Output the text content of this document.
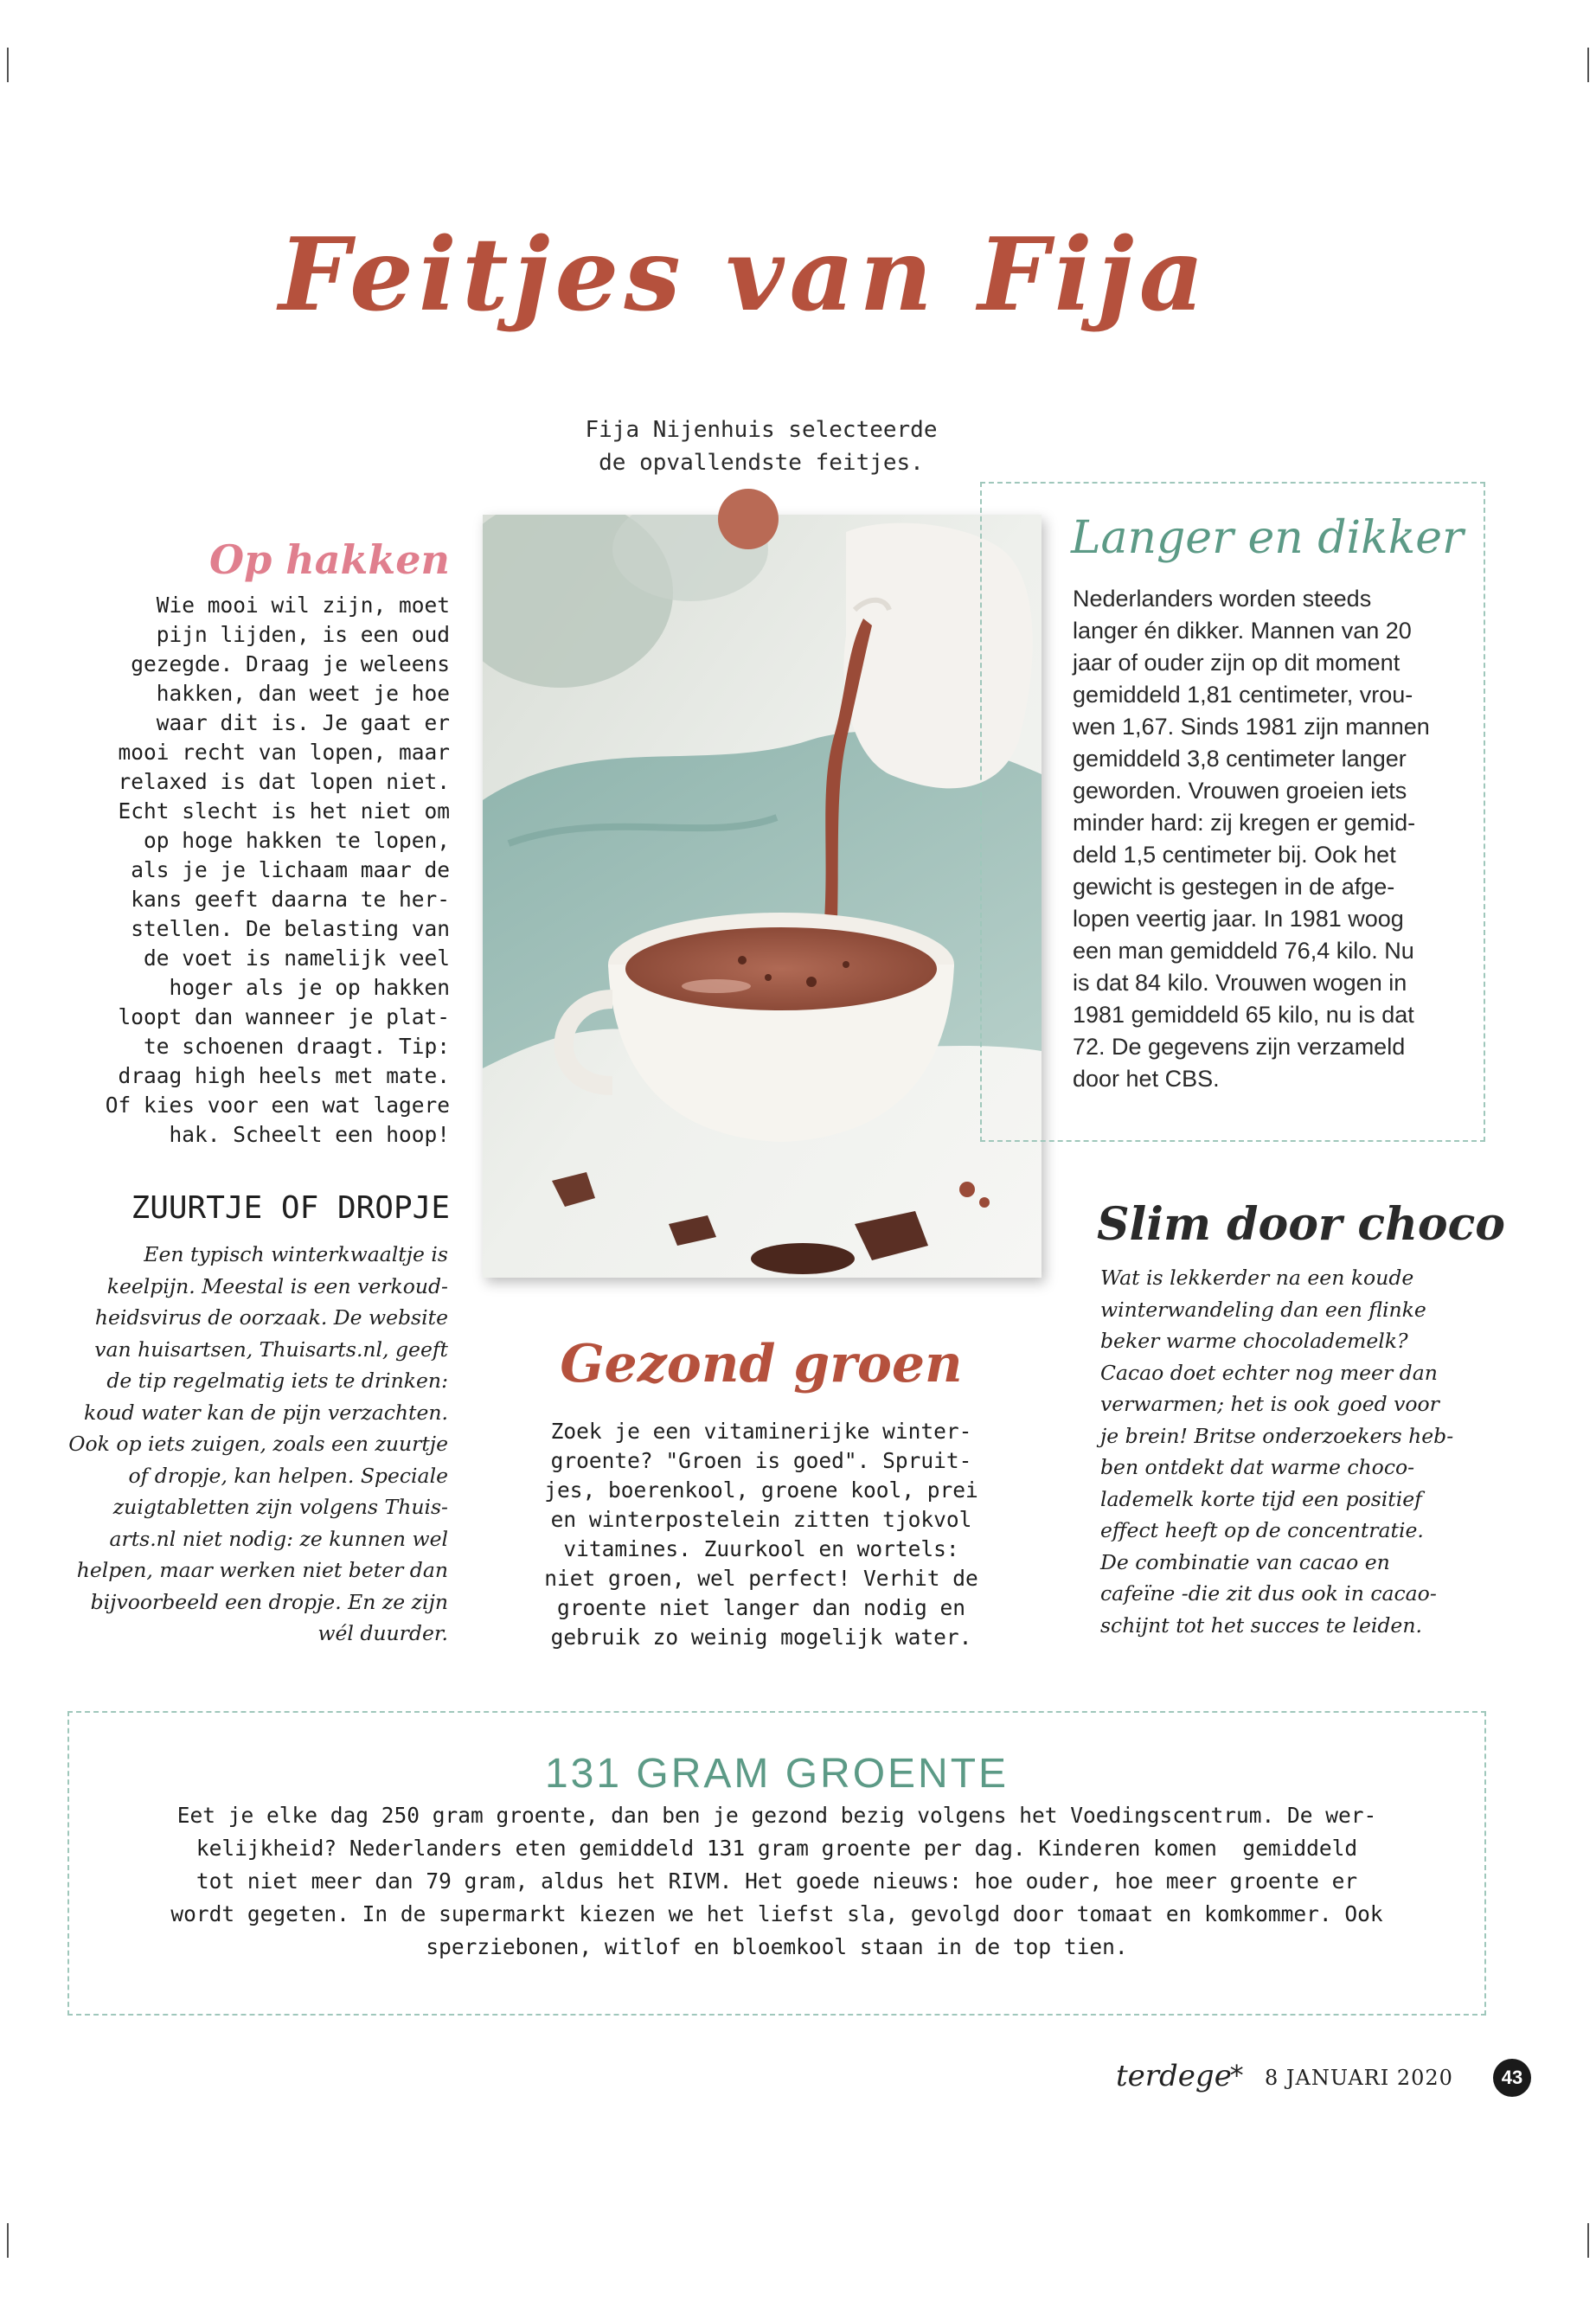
Feitjes van Fija
Fija Nijenhuis selecteerde
de opvallendste feitjes.
Op hakken
Wie mooi wil zijn, moet
pijn lijden, is een oud
gezegde. Draag je weleens
hakken, dan weet je hoe
waar dit is. Je gaat er
mooi recht van lopen, maar
relaxed is dat lopen niet.
Echt slecht is het niet om
op hoge hakken te lopen,
als je je lichaam maar de
kans geeft daarna te her-
stellen. De belasting van
de voet is namelijk veel
hoger als je op hakken
loopt dan wanneer je plat-
te schoenen draagt. Tip:
draag high heels met mate.
Of kies voor een wat lagere
hak. Scheelt een hoop!
ZUURTJE OF DROPJE
Een typisch winterkwaaltje is
keelpijn. Meestal is een verkoud-
heidsvirus de oorzaak. De website
van huisartsen, Thuisarts.nl, geeft
de tip regelmatig iets te drinken:
koud water kan de pijn verzachten.
Ook op iets zuigen, zoals een zuurtje
of dropje, kan helpen. Speciale
zuigtabletten zijn volgens Thuis-
arts.nl niet nodig: ze kunnen wel
helpen, maar werken niet beter dan
bijvoorbeeld een dropje. En ze zijn
wél duurder.
Langer en dikker
Nederlanders worden steeds
langer én dikker. Mannen van 20
jaar of ouder zijn op dit moment
gemiddeld 1,81 centimeter, vrou-
wen 1,67. Sinds 1981 zijn mannen
gemiddeld 3,8 centimeter langer
geworden. Vrouwen groeien iets
minder hard: zij kregen er gemid-
deld 1,5 centimeter bij. Ook het
gewicht is gestegen in de afge-
lopen veertig jaar. In 1981 woog
een man gemiddeld 76,4 kilo. Nu
is dat 84 kilo. Vrouwen wogen in
1981 gemiddeld 65 kilo, nu is dat
72. De gegevens zijn verzameld
door het CBS.
Slim door choco
Wat is lekkerder na een koude
winterwandeling dan een flinke
beker warme chocolademelk?
Cacao doet echter nog meer dan
verwarmen; het is ook goed voor
je brein! Britse onderzoekers heb-
ben ontdekt dat warme choco-
lademelk korte tijd een positief
effect heeft op de concentratie.
De combinatie van cacao en
cafeïne -die zit dus ook in cacao-
schijnt tot het succes te leiden.
Gezond groen
Zoek je een vitaminerijke winter-
groente? "Groen is goed". Spruit-
jes, boerenkool, groene kool, prei
en winterpostelein zitten tjokvol
vitamines. Zuurkool en wortels:
niet groen, wel perfect! Verhit de
groente niet langer dan nodig en
gebruik zo weinig mogelijk water.
131 GRAM GROENTE
Eet je elke dag 250 gram groente, dan ben je gezond bezig volgens het Voedingscentrum. De wer-
kelijkheid? Nederlanders eten gemiddeld 131 gram groente per dag. Kinderen komen  gemiddeld
tot niet meer dan 79 gram, aldus het RIVM. Het goede nieuws: hoe ouder, hoe meer groente er
wordt gegeten. In de supermarkt kiezen we het liefst sla, gevolgd door tomaat en komkommer. Ook
sperziebonen, witlof en bloemkool staan in de top tien.
terdege
* 8 JANUARI 2020	43
